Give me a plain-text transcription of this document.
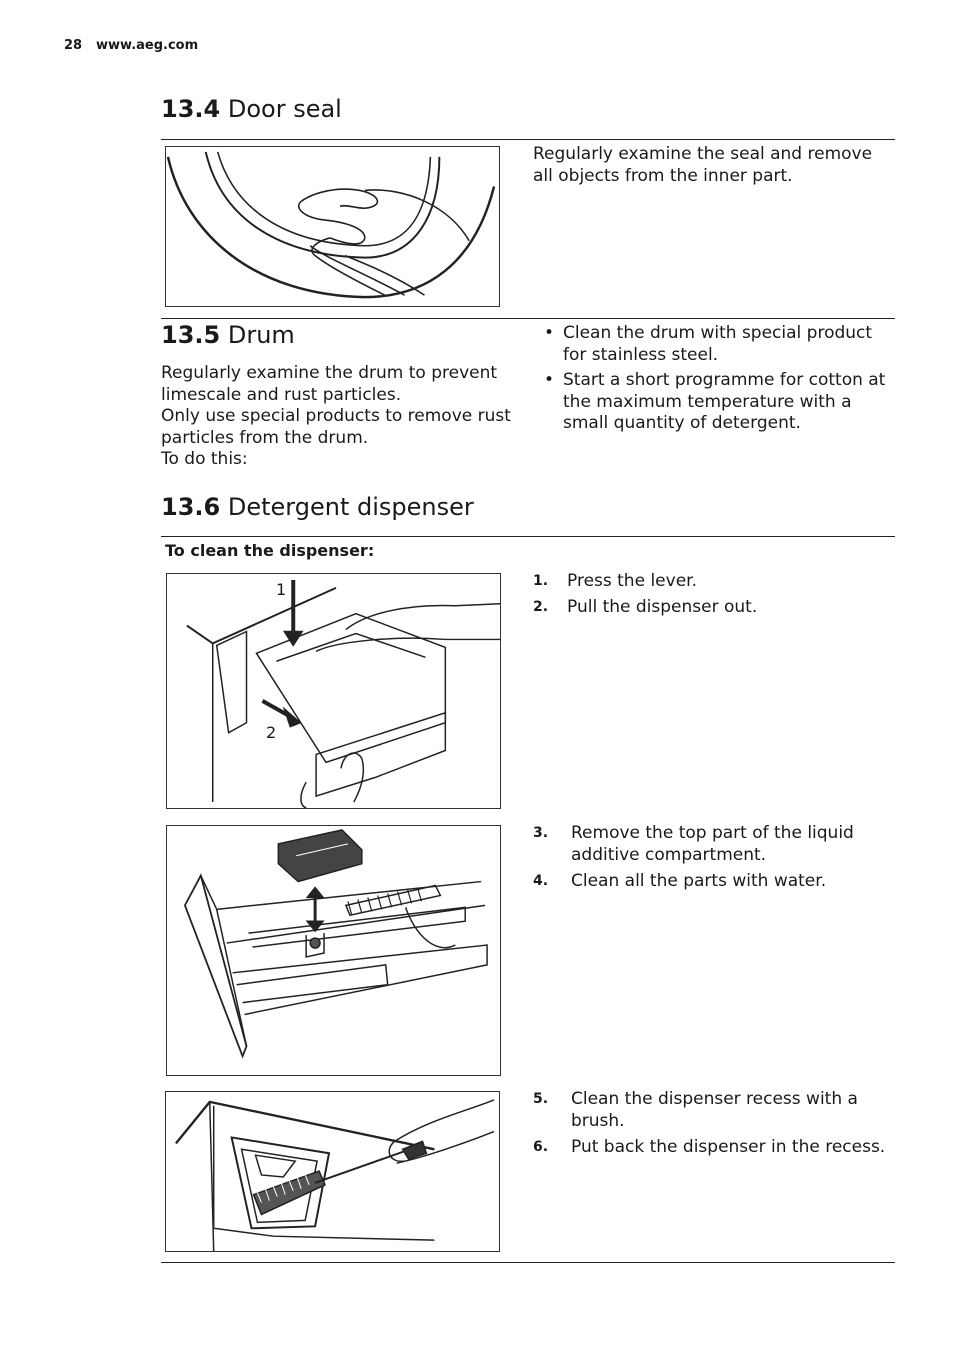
28 www.aeg.com
13.4 Door seal
Regularly examine the seal and remove all objects from the inner part.
13.5 Drum
Regularly examine the drum to prevent limescale and rust particles.
Only use special products to remove rust particles from the drum.
To do this:
• Clean the drum with special product for stainless steel.
• Start a short programme for cotton at the maximum temperature with a small quantity of detergent.
13.6 Detergent dispenser
To clean the dispenser:
1
2
1. Press the lever.
2. Pull the dispenser out.
3. Remove the top part of the liquid additive compartment.
4. Clean all the parts with water.
5. Clean the dispenser recess with a brush.
6. Put back the dispenser in the recess.
